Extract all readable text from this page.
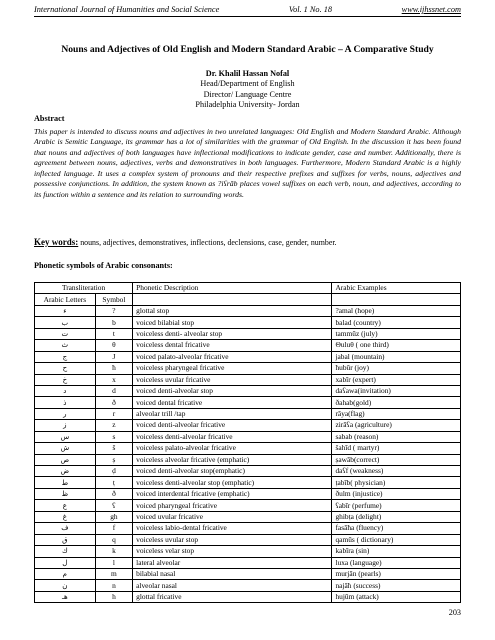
International Journal of Humanities and Social Science	Vol. 1 No. 18	www.ijhssnet.com
Nouns and Adjectives of Old English and Modern Standard Arabic – A Comparative Study
Dr. Khalil Hassan Nofal
Head/Department of English
Director/ Language Centre
Philadelphia University- Jordan
Abstract
This paper is intended to discuss nouns and adjectives in two unrelated languages: Old English and Modern Standard Arabic. Although Arabic is Semitic Language, its grammar has a lot of similarities with the grammar of Old English. In the discussion it has been found that nouns and adjectives of both languages have inflectional modifications to indicate gender, case and number. Additionally, there is agreement between nouns, adjectives, verbs and demonstratives in both languages. Furthermore, Modern Standard Arabic is a highly inflected language. It uses a complex system of pronouns and their respective prefixes and suffixes for verbs, nouns, adjectives and possessive conjunctions. In addition, the system known as ?iʕrāb places vowel suffixes on each verb, noun, and adjectives, according to its function within a sentence and its relation to surrounding words.
Key words: nouns, adjectives, demonstratives, inflections, declensions, case, gender, number.
Phonetic symbols of Arabic consonants:
Transliteration		Phonetic Description	Arabic Examples
Arabic Letters	Symbol		
ء	?	glottal stop	?amal (hope)
ب	b	voiced bilabial stop	balad (country)
ت	t	voiceless denti- alveolar stop	tammūz (july)
ث	θ	voiceless dental fricative	Θuluθ ( one third)
ج	J	voiced palato-alveolar fricative	jabal (mountain)
ح	ħ	voiceless pharyngeal fricative	ħubūr (joy)
خ	x	voiceless uvular fricative	xabīr (expert)
د	d	voiced denti-alveolar stop	daʕawa(invitation)
ذ	ð	voiced dental fricative	ðahab(gold)
ر	r	alveolar trill /tap	rāya(flag)
ز	z	voiced denti-alveolar fricative	zirāʕa (agriculture)
س	s	voiceless denti-alveolar fricative	sabab (reason)
ش	š	voiceless palato-alveolar fricative	šahīd ( martyr)
ص	ṣ	voiceless alveolar fricative (emphatic)	ṣawāb(correct)
ض	ḍ	voiced denti-alveolar stop(emphatic)	daʕf (weakness)
ط	ṭ	voiceless denti-alveolar stop (emphatic)	ṭabīb( physician)
ظ	ð	voiced interdental fricative (emphatic)	ðulm (injustice)
ع	ʕ	voiced pharyngeal fricative	ʕabīr (perfume)
غ	gh	voiced uvular fricative	ghibṭa (delight)
ف	f	voiceless labio-dental fricative	fasāħa (fluency)
ق	q	voiceless uvular stop	qamūs ( dictionary)
ك	k	voiceless velar stop	kabīra (sin)
ل	l	lateral alveolar	luxa (language)
م	m	bilabial nasal	murjān (pearls)
ن	n	alveolar nasal	najāħ (success)
هـ	h	glottal fricative	hujūm (attack)
203
